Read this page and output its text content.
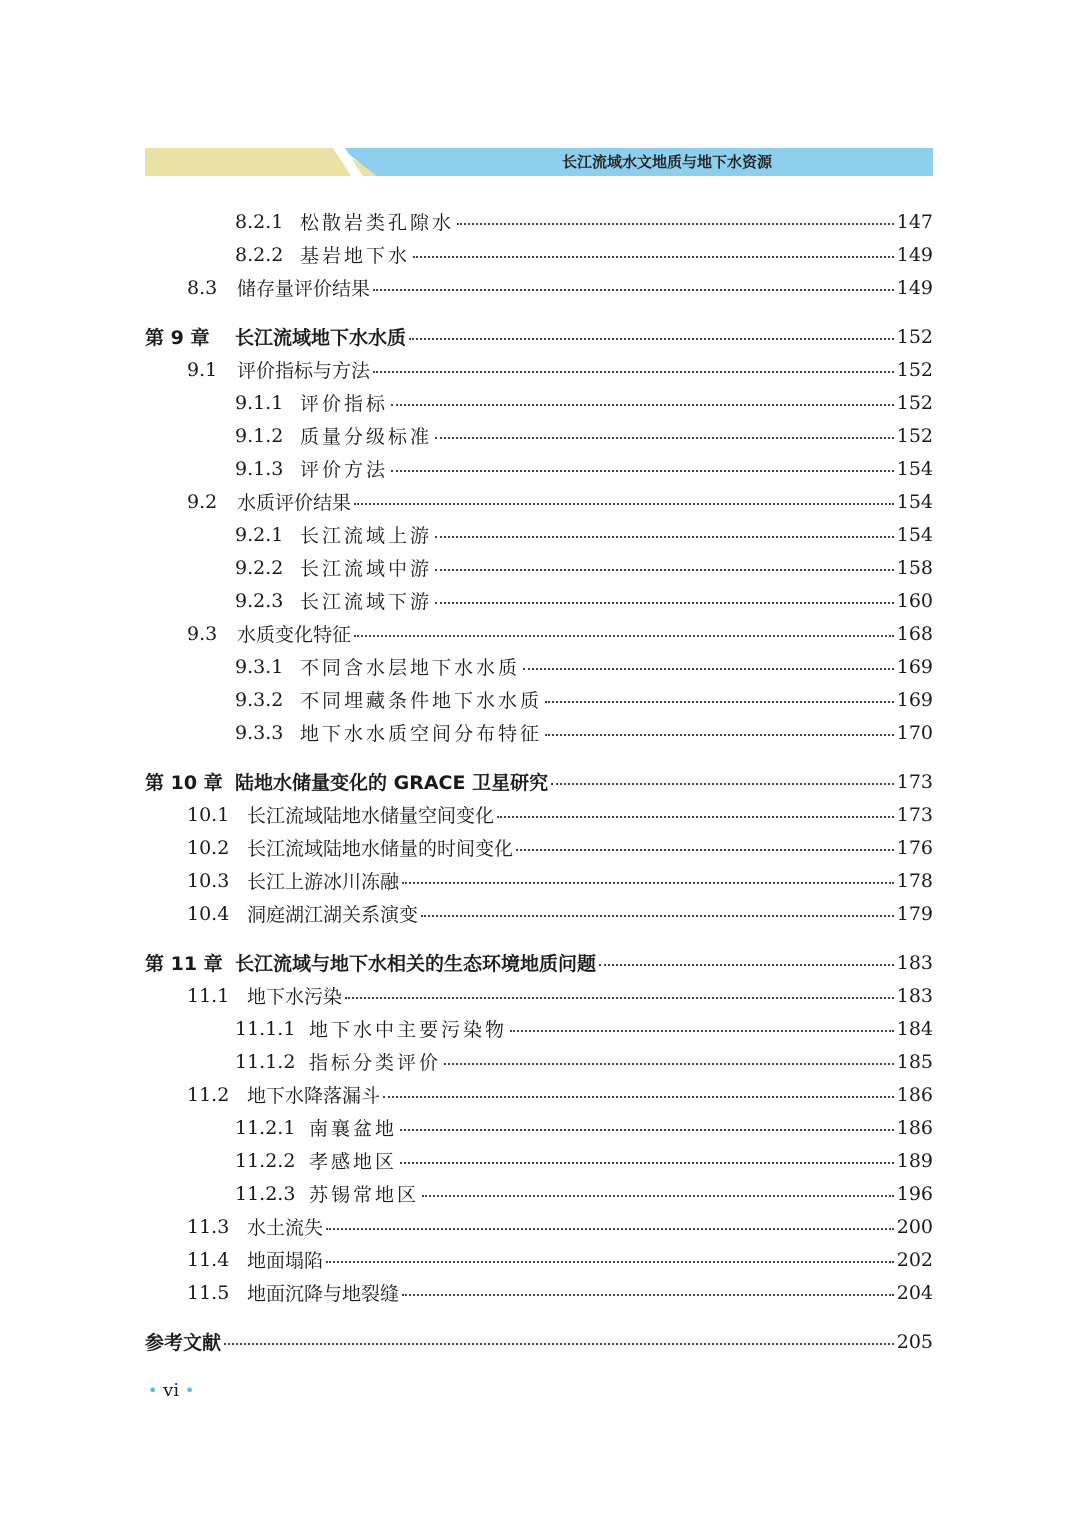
长江流域水文地质与地下水资源
8.2.1 松散岩类孔隙水	147
8.2.2 基岩地下水	149
8.3	储存量评价结果	149
第 9 章	长江流域地下水水质	152
9.1	评价指标与方法	152
9.1.1 评价指标	152
9.1.2 质量分级标准	152
9.1.3 评价方法	154
9.2	水质评价结果	154
9.2.1 长江流域上游	154
9.2.2 长江流域中游	158
9.2.3 长江流域下游	160
9.3	水质变化特征	168
9.3.1 不同含水层地下水水质	169
9.3.2 不同埋藏条件地下水水质	169
9.3.3 地下水水质空间分布特征	170
第 10 章 陆地水储量变化的 GRACE 卫星研究	173
10.1 长江流域陆地水储量空间变化	173
10.2 长江流域陆地水储量的时间变化	176
10.3 长江上游冰川冻融	178
10.4 洞庭湖江湖关系演变	179
第 11 章 长江流域与地下水相关的生态环境地质问题	183
11.1 地下水污染	183
11.1.1 地下水中主要污染物	184
11.1.2 指标分类评价	185
11.2 地下水降落漏斗	186
11.2.1 南襄盆地	186
11.2.2 孝感地区	189
11.2.3 苏锡常地区	196
11.3 水土流失	200
11.4 地面塌陷	202
11.5 地面沉降与地裂缝	204
参考文献	205
• vi •
